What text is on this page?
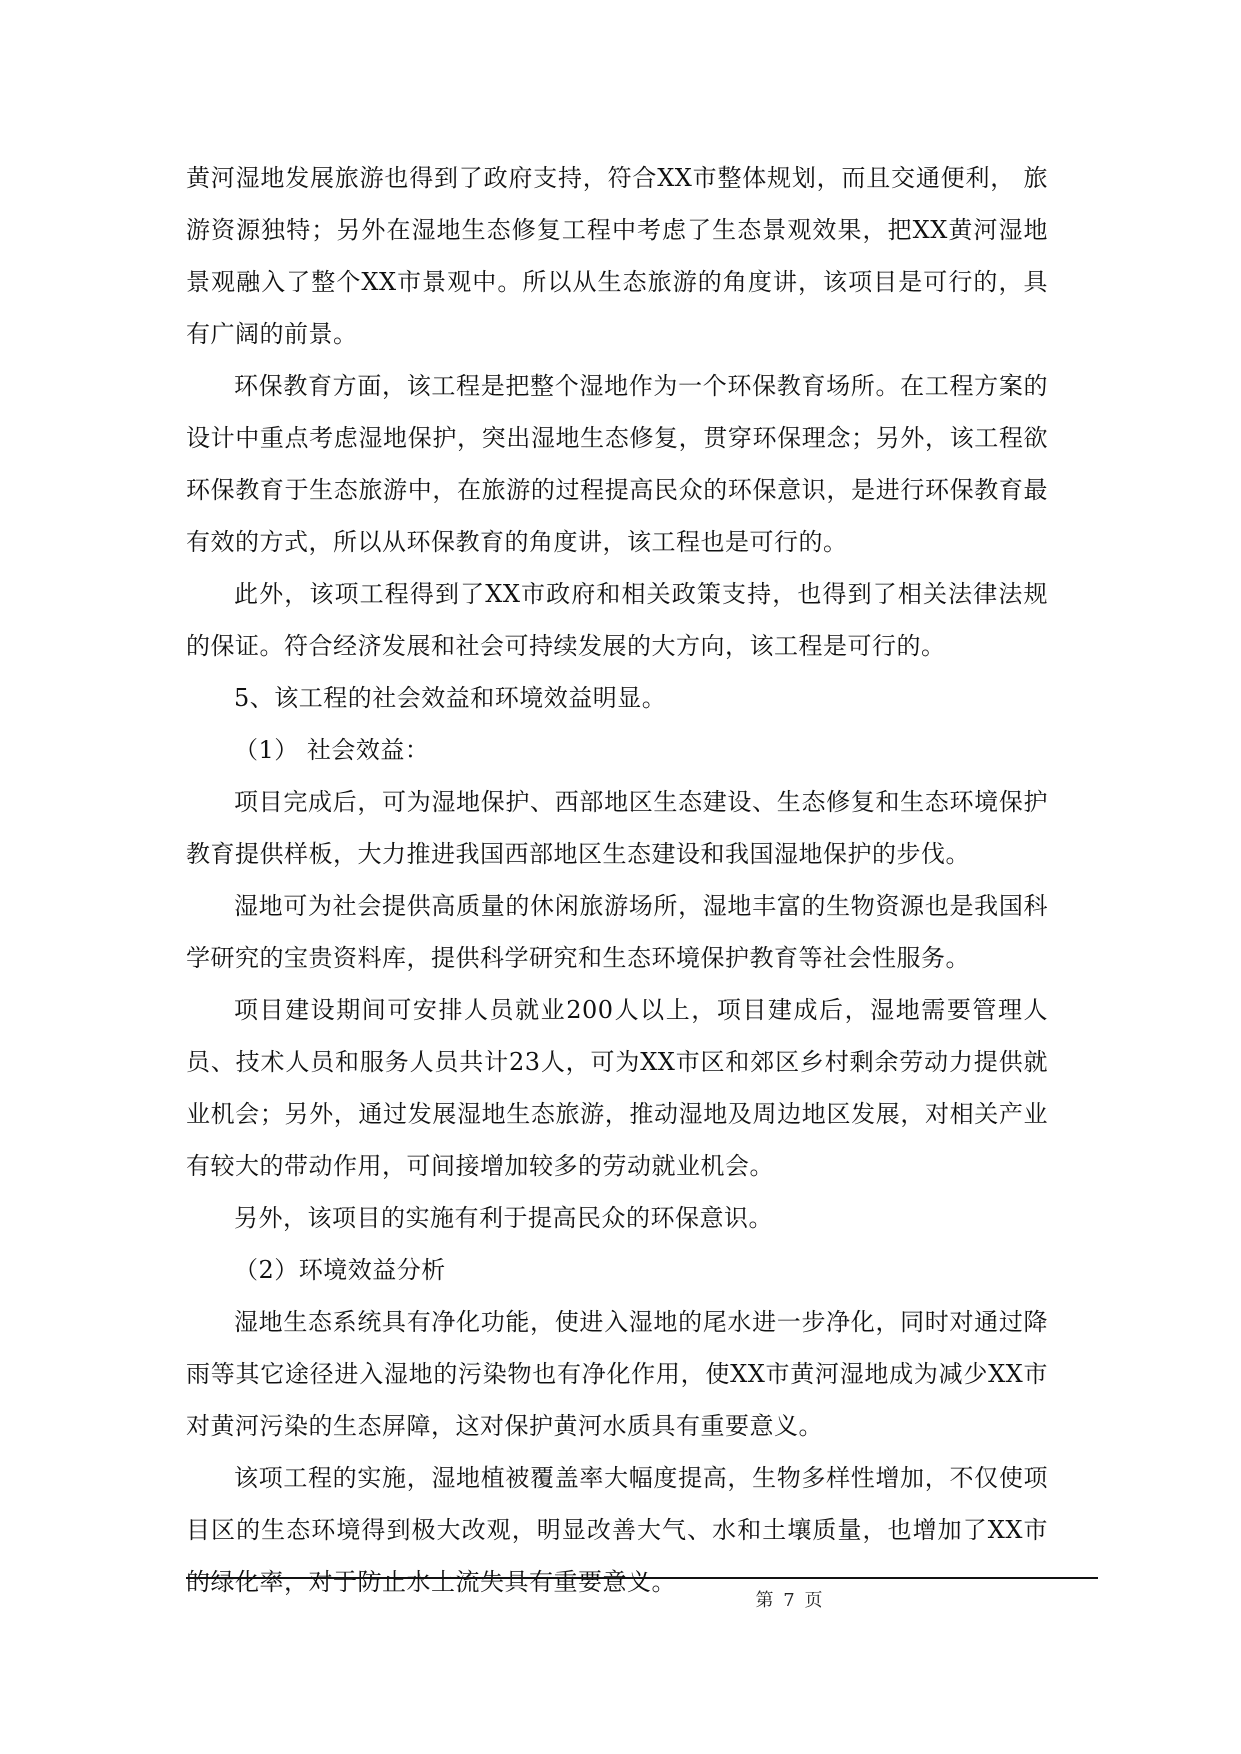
黄河湿地发展旅游也得到了政府支持，符合XX市整体规划，而且交通便利， 旅游资源独特；另外在湿地生态修复工程中考虑了生态景观效果，把XX黄河湿地景观融入了整个XX市景观中。所以从生态旅游的角度讲，该项目是可行的，具有广阔的前景。

环保教育方面，该工程是把整个湿地作为一个环保教育场所。在工程方案的设计中重点考虑湿地保护，突出湿地生态修复，贯穿环保理念；另外，该工程欲环保教育于生态旅游中，在旅游的过程提高民众的环保意识，是进行环保教育最有效的方式，所以从环保教育的角度讲，该工程也是可行的。

此外，该项工程得到了XX市政府和相关政策支持，也得到了相关法律法规的保证。符合经济发展和社会可持续发展的大方向，该工程是可行的。

5、该工程的社会效益和环境效益明显。

（1） 社会效益：

项目完成后，可为湿地保护、西部地区生态建设、生态修复和生态环境保护教育提供样板，大力推进我国西部地区生态建设和我国湿地保护的步伐。

湿地可为社会提供高质量的休闲旅游场所，湿地丰富的生物资源也是我国科学研究的宝贵资料库，提供科学研究和生态环境保护教育等社会性服务。

项目建设期间可安排人员就业200人以上，项目建成后，湿地需要管理人员、技术人员和服务人员共计23人，可为XX市区和郊区乡村剩余劳动力提供就业机会；另外，通过发展湿地生态旅游，推动湿地及周边地区发展，对相关产业有较大的带动作用，可间接增加较多的劳动就业机会。

另外，该项目的实施有利于提高民众的环保意识。

（2）环境效益分析

湿地生态系统具有净化功能，使进入湿地的尾水进一步净化，同时对通过降雨等其它途径进入湿地的污染物也有净化作用，使XX市黄河湿地成为减少XX市对黄河污染的生态屏障，这对保护黄河水质具有重要意义。

该项工程的实施，湿地植被覆盖率大幅度提高，生物多样性增加，不仅使项目区的生态环境得到极大改观，明显改善大气、水和土壤质量，也增加了XX市的绿化率，对于防止水土流失具有重要意义。

第 7 页
